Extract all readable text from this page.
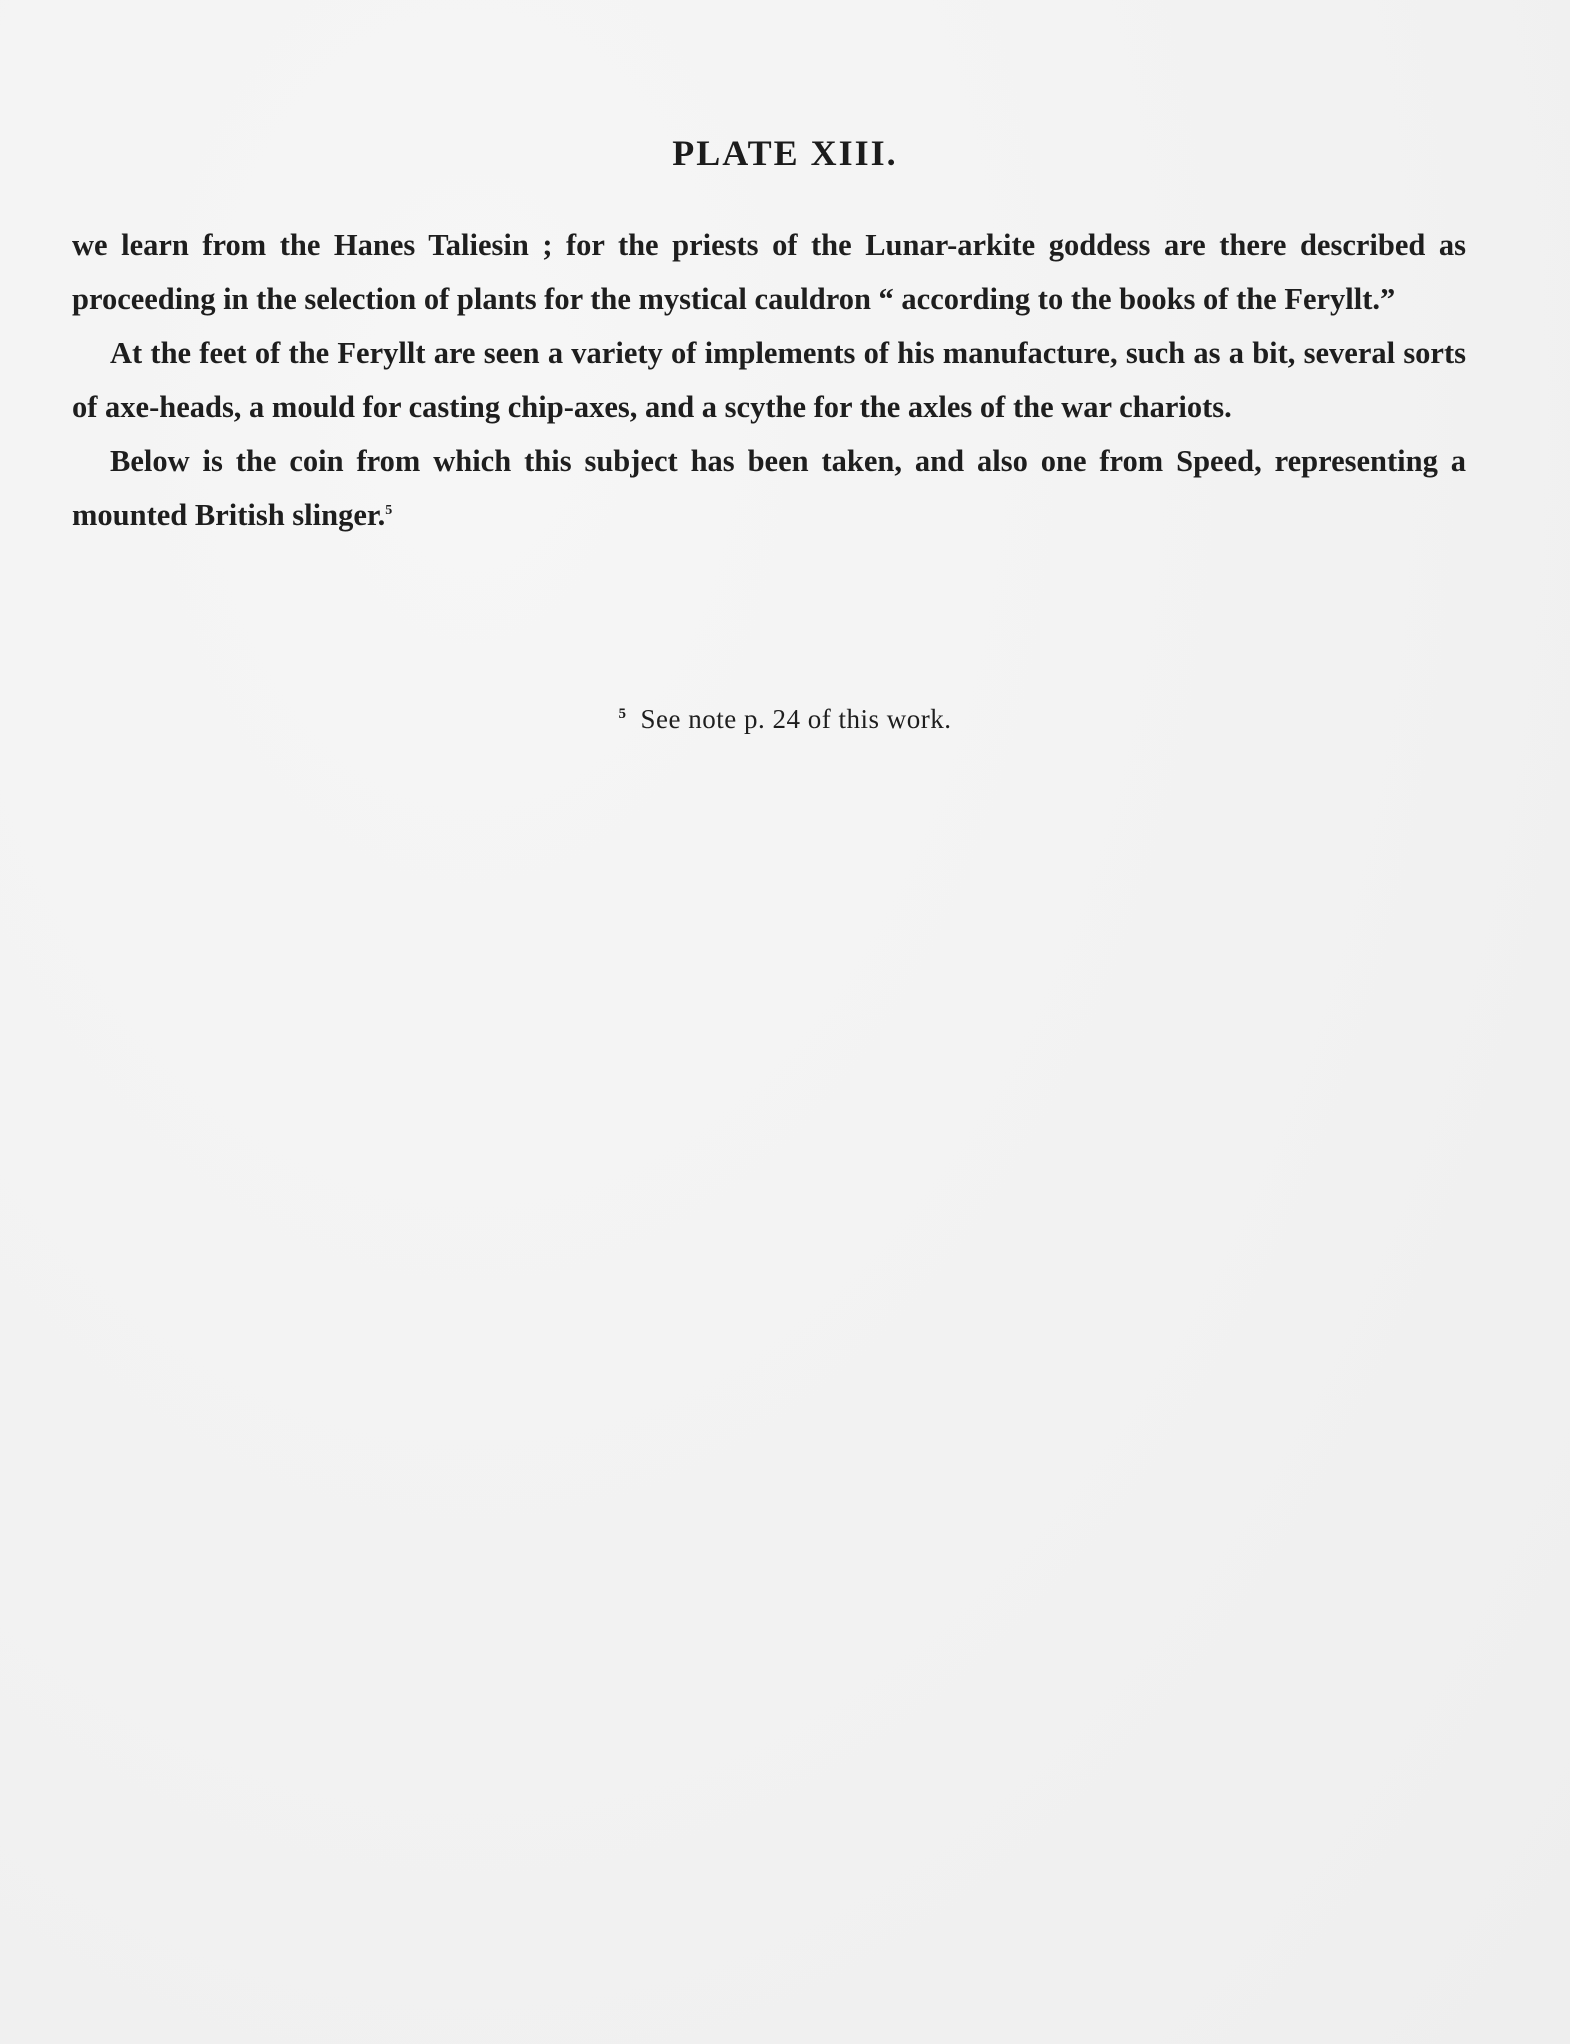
PLATE XIII.

we learn from the Hanes Taliesin ; for the priests of the Lunar-arkite goddess are there described as proceeding in the selection of plants for the mystical cauldron “ according to the books of the Feryllt.”

At the feet of the Feryllt are seen a variety of implements of his manufacture, such as a bit, several sorts of axe-heads, a mould for casting chip-axes, and a scythe for the axles of the war chariots.

Below is the coin from which this subject has been taken, and also one from Speed, representing a mounted British slinger.$^5$

$^5$ See note p. 24 of this work.
